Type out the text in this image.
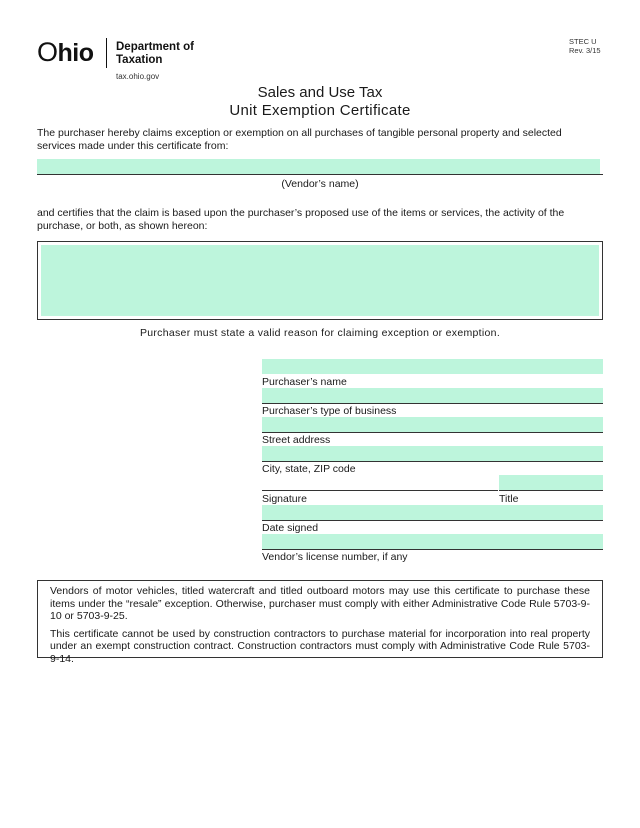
Ohio Department of
Taxation
tax.ohio.gov
STEC U
Rev. 3/15
Sales and Use Tax
Unit Exemption Certificate
The purchaser hereby claims exception or exemption on all purchases of tangible personal property and selected services made under this certificate from:
(Vendor’s name)
and certifies that the claim is based upon the purchaser’s proposed use of the items or services, the activity of the purchase, or both, as shown hereon:
Purchaser must state a valid reason for claiming exception or exemption.
Purchaser’s name
Purchaser’s type of business
Street address
City, state, ZIP code
Signature	Title
Date signed
Vendor’s license number, if any

Vendors of motor vehicles, titled watercraft and titled outboard motors may use this certificate to purchase these items under the “resale” exception. Otherwise, purchaser must comply with either Administrative Code Rule 5703-9-10 or 5703-9-25.

This certificate cannot be used by construction contractors to purchase material for incorporation into real property under an exempt construction contract. Construction contractors must comply with Administrative Code Rule 5703-9-14.
